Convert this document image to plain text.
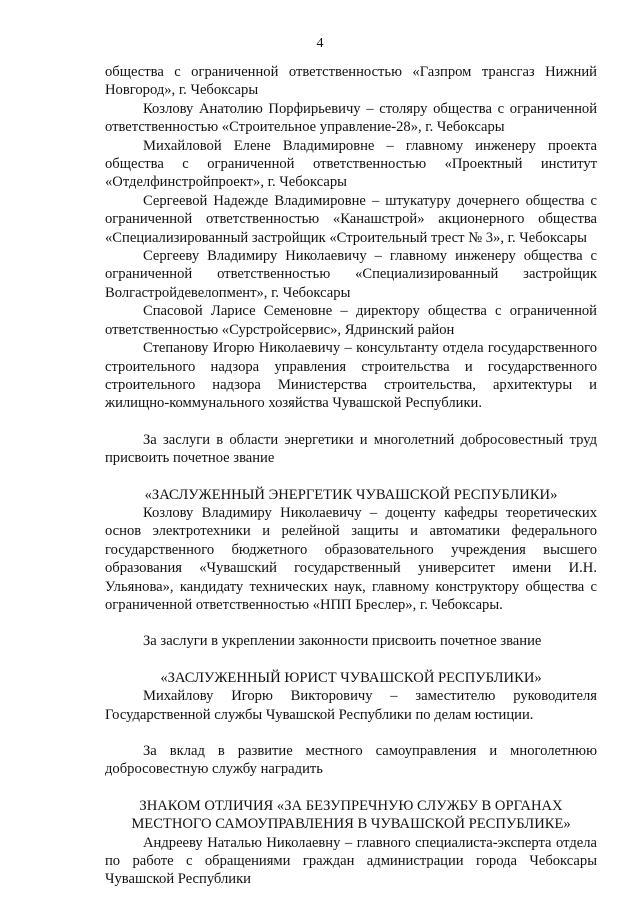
4

общества с ограниченной ответственностью «Газпром трансгаз Нижний Новгород», г. Чебоксары

Козлову Анатолию Порфирьевичу – столяру общества с ограниченной ответственностью «Строительное управление-28», г. Чебоксары

Михайловой Елене Владимировне – главному инженеру проекта общества с ограниченной ответственностью «Проектный институт «Отделфинстройпроект», г. Чебоксары

Сергеевой Надежде Владимировне – штукатуру дочернего общества с ограниченной ответственностью «Канашстрой» акционерного общества «Специализированный застройщик «Строительный трест № 3», г. Чебоксары

Сергееву Владимиру Николаевичу – главному инженеру общества с ограниченной ответственностью «Специализированный застройщик Волгастройдевелопмент», г. Чебоксары

Спасовой Ларисе Семеновне – директору общества с ограниченной ответственностью «Сурстройсервис», Ядринский район

Степанову Игорю Николаевичу – консультанту отдела государственного строительного надзора управления строительства и государственного строительного надзора Министерства строительства, архитектуры и жилищно-коммунального хозяйства Чувашской Республики.

За заслуги в области энергетики и многолетний добросовестный труд присвоить почетное звание

«ЗАСЛУЖЕННЫЙ ЭНЕРГЕТИК ЧУВАШСКОЙ РЕСПУБЛИКИ»

Козлову Владимиру Николаевичу – доценту кафедры теоретических основ электротехники и релейной защиты и автоматики федерального государственного бюджетного образовательного учреждения высшего образования «Чувашский государственный университет имени И.Н. Ульянова», кандидату технических наук, главному конструктору общества с ограниченной ответственностью «НПП Бреслер», г. Чебоксары.

За заслуги в укреплении законности присвоить почетное звание

«ЗАСЛУЖЕННЫЙ ЮРИСТ ЧУВАШСКОЙ РЕСПУБЛИКИ»

Михайлову Игорю Викторовичу – заместителю руководителя Государственной службы Чувашской Республики по делам юстиции.

За вклад в развитие местного самоуправления и многолетнюю добросовестную службу наградить

ЗНАКОМ ОТЛИЧИЯ «ЗА БЕЗУПРЕЧНУЮ СЛУЖБУ В ОРГАНАХ

МЕСТНОГО САМОУПРАВЛЕНИЯ В ЧУВАШСКОЙ РЕСПУБЛИКЕ»

Андрееву Наталью Николаевну – главного специалиста-эксперта отдела по работе с обращениями граждан администрации города Чебоксары Чувашской Республики
